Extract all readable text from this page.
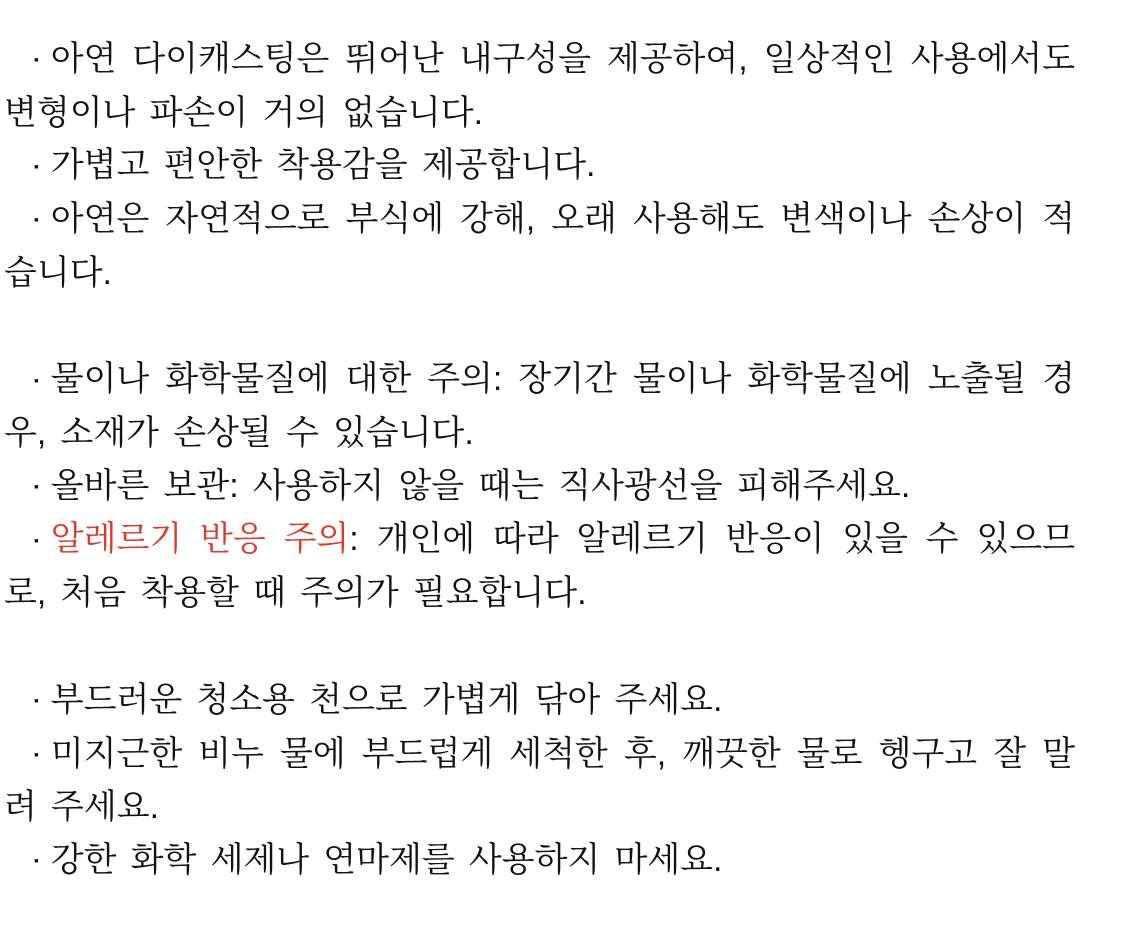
▪ 아연 다이캐스팅은 뛰어난 내구성을 제공하여, 일상적인 사용에서도 변형이나 파손이 거의 없습니다.

▪ 가볍고 편안한 착용감을 제공합니다.

▪ 아연은 자연적으로 부식에 강해, 오래 사용해도 변색이나 손상이 적습니다.

▪ 물이나 화학물질에 대한 주의: 장기간 물이나 화학물질에 노출될 경우, 소재가 손상될 수 있습니다.

▪ 올바른 보관: 사용하지 않을 때는 직사광선을 피해주세요.

▪ 알레르기 반응 주의: 개인에 따라 알레르기 반응이 있을 수 있으므로, 처음 착용할 때 주의가 필요합니다.

▪ 부드러운 청소용 천으로 가볍게 닦아 주세요.

▪ 미지근한 비누 물에 부드럽게 세척한 후, 깨끗한 물로 헹구고 잘 말려 주세요.

▪ 강한 화학 세제나 연마제를 사용하지 마세요.
